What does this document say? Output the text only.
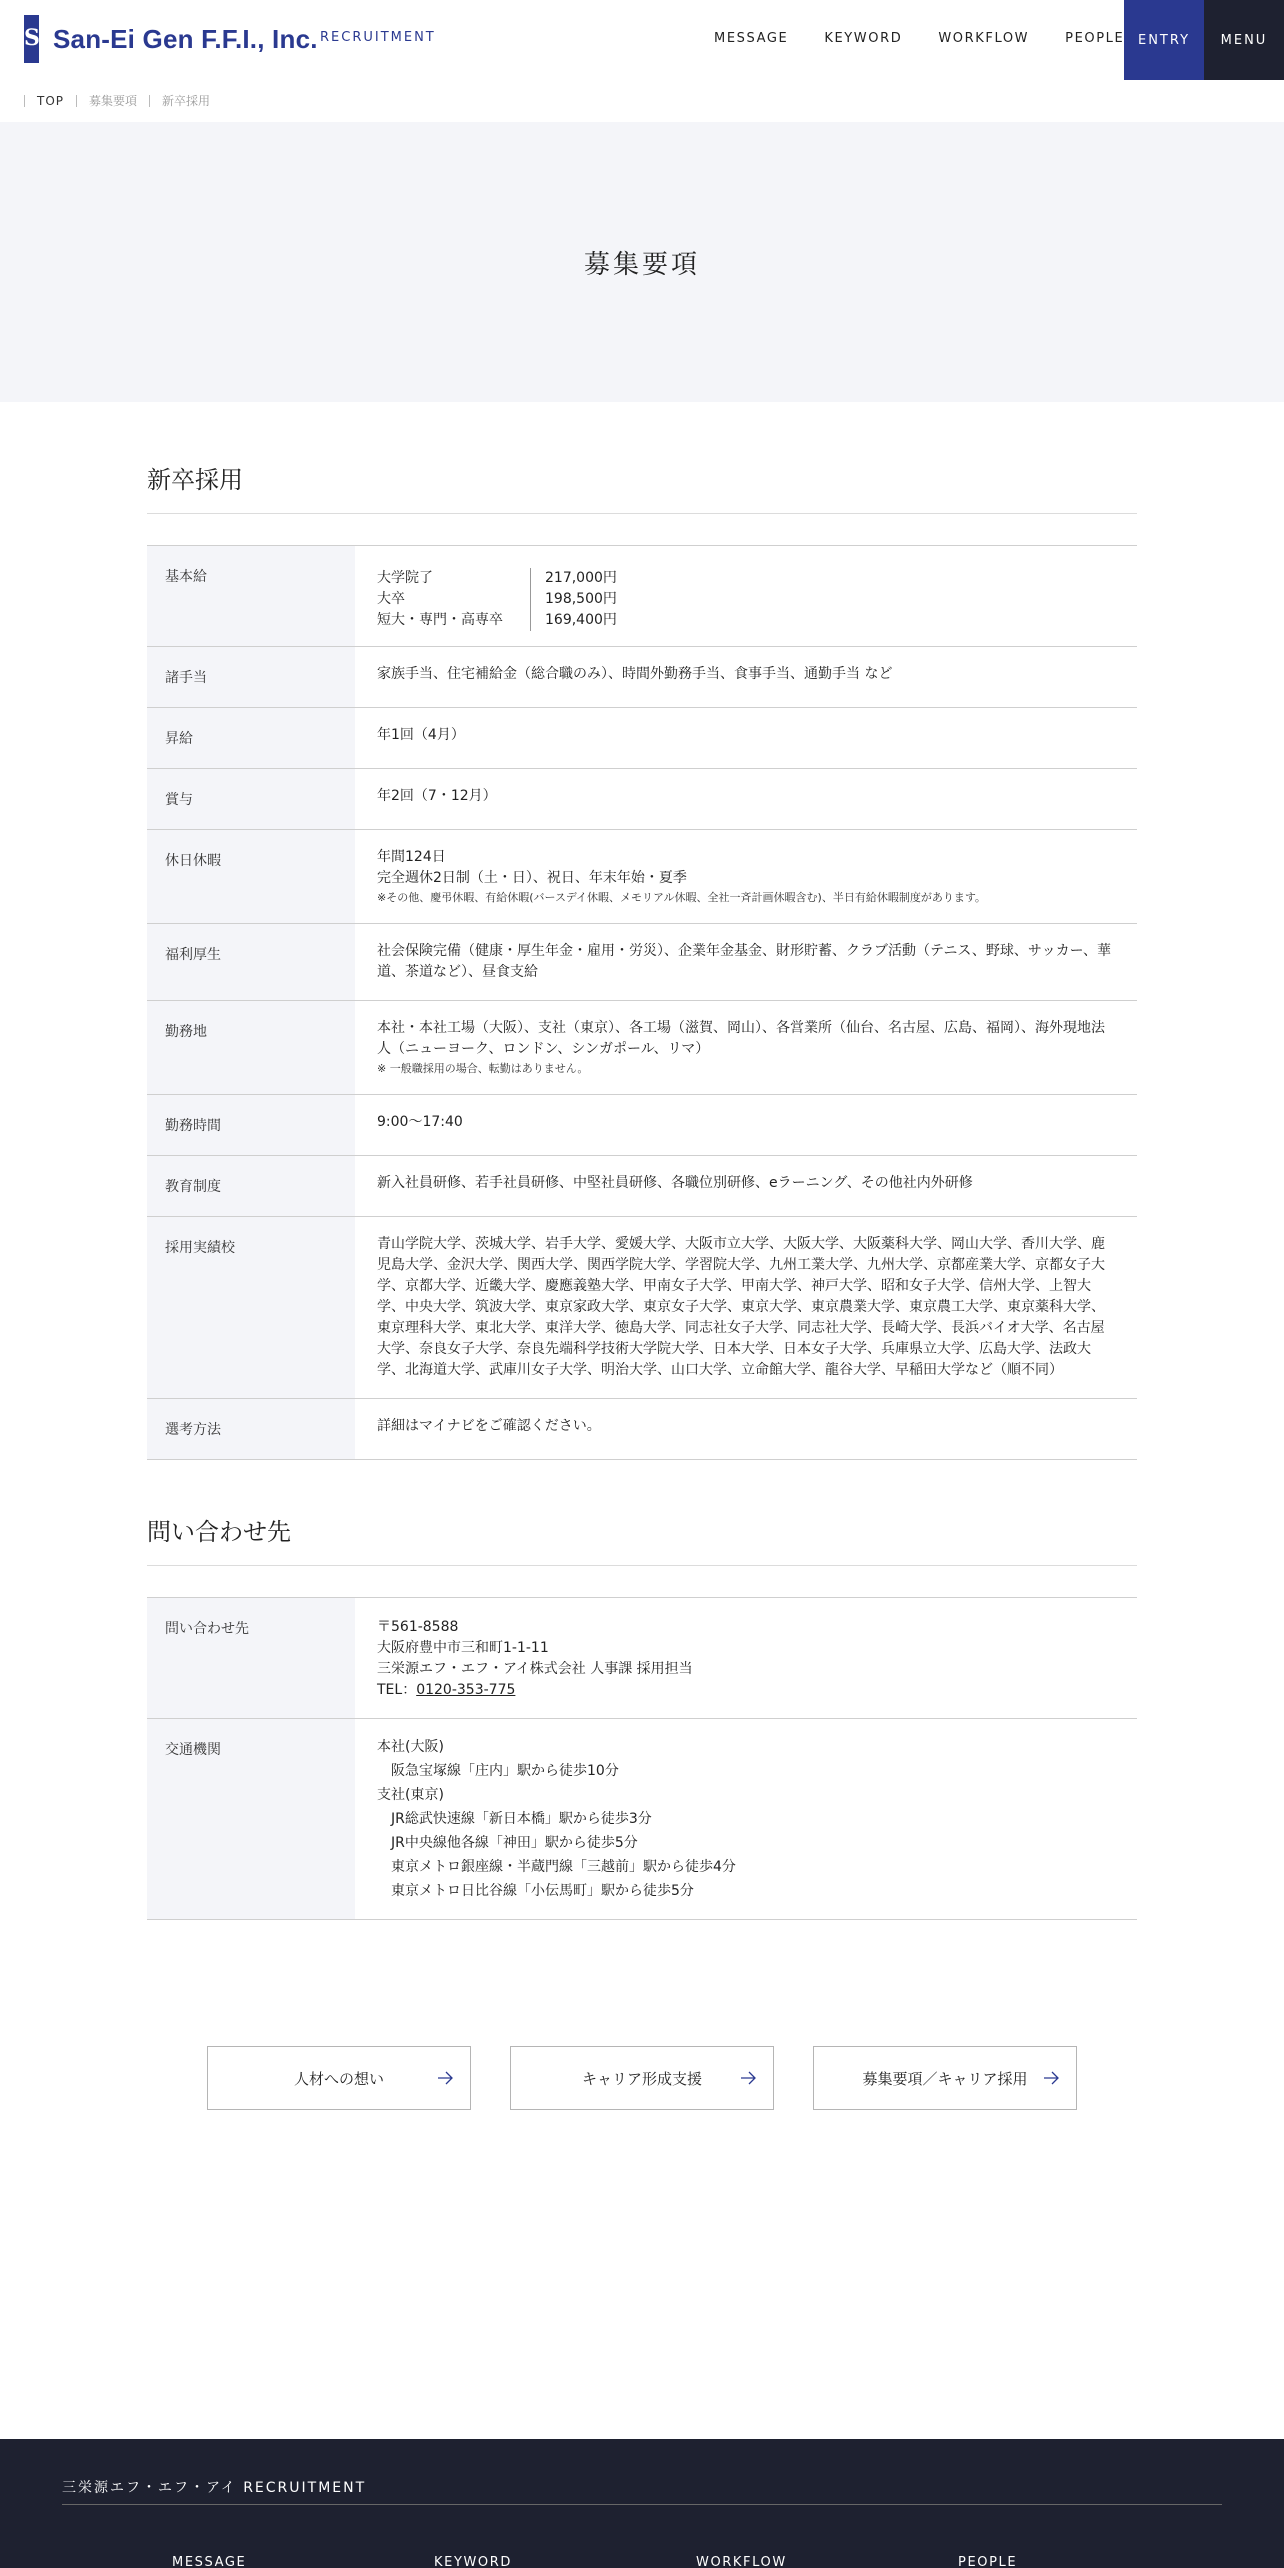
S San-Ei Gen F.F.I., Inc. RECRUITMENT	MESSAGE	KEYWORD	WORKFLOW	PEOPLE	ENTRY	MENU
TOP 募集要項 新卒採用
募集要項
新卒採用
基本給	大学院了	217,000円
大卒	198,500円
短大・専門・高専卒	169,400円
諸手当	家族手当、住宅補給金（総合職のみ）、時間外勤務手当、食事手当、通勤手当 など
昇給	年1回（4月）
賞与	年2回（7・12月）
休日休暇	年間124日
完全週休2日制（土・日）、祝日、年末年始・夏季
※その他、慶弔休暇、有給休暇(バースデイ休暇、メモリアル休暇、全社一斉計画休暇含む)、半日有給休暇制度があります。
福利厚生	社会保険完備（健康・厚生年金・雇用・労災）、企業年金基金、財形貯蓄、クラブ活動（テニス、野球、サッカー、華道、茶道など）、昼食支給
勤務地	本社・本社工場（大阪）、支社（東京）、各工場（滋賀、岡山）、各営業所（仙台、名古屋、広島、福岡）、海外現地法人（ニューヨーク、ロンドン、シンガポール、リマ）
※ 一般職採用の場合、転勤はありません。
勤務時間	9:00〜17:40
教育制度	新入社員研修、若手社員研修、中堅社員研修、各職位別研修、eラーニング、その他社内外研修
採用実績校	青山学院大学、茨城大学、岩手大学、愛媛大学、大阪市立大学、大阪大学、大阪薬科大学、岡山大学、香川大学、鹿児島大学、金沢大学、関西大学、関西学院大学、学習院大学、九州工業大学、九州大学、京都産業大学、京都女子大学、京都大学、近畿大学、慶應義塾大学、甲南女子大学、甲南大学、神戸大学、昭和女子大学、信州大学、上智大学、中央大学、筑波大学、東京家政大学、東京女子大学、東京大学、東京農業大学、東京農工大学、東京薬科大学、東京理科大学、東北大学、東洋大学、徳島大学、同志社女子大学、同志社大学、長崎大学、長浜バイオ大学、名古屋大学、奈良女子大学、奈良先端科学技術大学院大学、日本大学、日本女子大学、兵庫県立大学、広島大学、法政大学、北海道大学、武庫川女子大学、明治大学、山口大学、立命館大学、龍谷大学、早稲田大学など（順不同）
選考方法	詳細はマイナビをご確認ください。
問い合わせ先
問い合わせ先	〒561-8588
大阪府豊中市三和町1-1-11
三栄源エフ・エフ・アイ株式会社 人事課 採用担当
TEL：0120-353-775
交通機関	本社(大阪)
阪急宝塚線「庄内」駅から徒歩10分
支社(東京)
JR総武快速線「新日本橋」駅から徒歩3分
JR中央線他各線「神田」駅から徒歩5分
東京メトロ銀座線・半蔵門線「三越前」駅から徒歩4分
東京メトロ日比谷線「小伝馬町」駅から徒歩5分
人材への想い	キャリア形成支援	募集要項／キャリア採用
三栄源エフ・エフ・アイ RECRUITMENT
MESSAGE	KEYWORD	WORKFLOW	PEOPLE
